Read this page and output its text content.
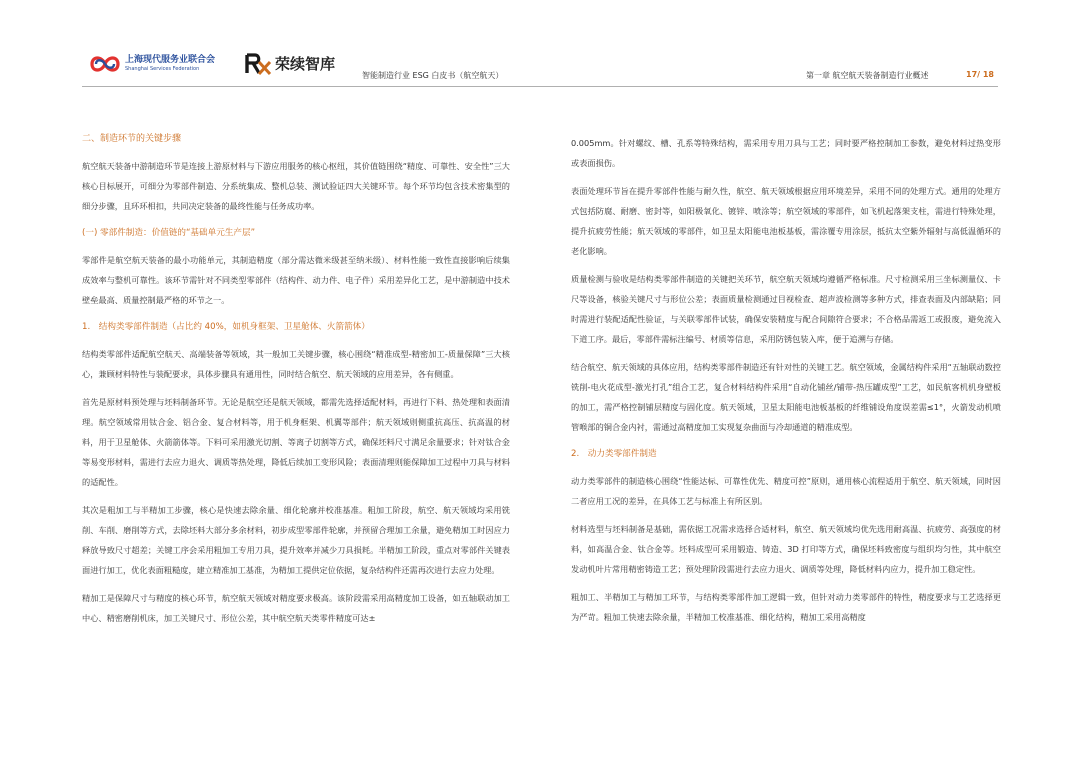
上海现代服务业联合会
Shanghai Services Federation	荣续智库
智能制造行业 ESG 白皮书（航空航天）	第一章 航空航天装备制造行业概述	17/ 18
二、制造环节的关键步骤

航空航天装备中游制造环节是连接上游原材料与下游应用服务的核心枢纽，其价值链围绕“精度、可靠性、安全性”三大核心目标展开，可细分为零部件制造、分系统集成、整机总装、测试验证四大关键环节。每个环节均包含技术密集型的细分步骤，且环环相扣，共同决定装备的最终性能与任务成功率。

(一) 零部件制造：价值链的“基础单元生产层”

零部件是航空航天装备的最小功能单元，其制造精度（部分需达微米级甚至纳米级）、材料性能一致性直接影响后续集成效率与整机可靠性。该环节需针对不同类型零部件（结构件、动力件、电子件）采用差异化工艺，是中游制造中技术壁垒最高、质量控制最严格的环节之一。

1.　结构类零部件制造（占比约 40%，如机身框架、卫星舱体、火箭箭体）

结构类零部件适配航空航天、高端装备等领域，其一般加工关键步骤，核心围绕“精准成型-精密加工-质量保障”三大核心，兼顾材料特性与装配要求，具体步骤具有通用性，同时结合航空、航天领域的应用差异，各有侧重。

首先是原材料预处理与坯料制备环节。无论是航空还是航天领域，都需先选择适配材料，再进行下料、热处理和表面清理。航空领域常用钛合金、铝合金、复合材料等，用于机身框架、机翼等部件；航天领域则侧重抗高压、抗高温的材料，用于卫星舱体、火箭箭体等。下料可采用激光切割、等离子切割等方式，确保坯料尺寸满足余量要求；针对钛合金等易变形材料，需进行去应力退火、调质等热处理，降低后续加工变形风险；表面清理则能保障加工过程中刀具与材料的适配性。

其次是粗加工与半精加工步骤，核心是快速去除余量、细化轮廓并校准基准。粗加工阶段，航空、航天领域均采用铣削、车削、磨削等方式，去除坯料大部分多余材料，初步成型零部件轮廓，并预留合理加工余量，避免精加工时因应力释放导致尺寸超差；关键工序会采用粗加工专用刀具，提升效率并减少刀具损耗。半精加工阶段，重点对零部件关键表面进行加工，优化表面粗糙度，建立精准加工基准，为精加工提供定位依据，复杂结构件还需再次进行去应力处理。

精加工是保障尺寸与精度的核心环节，航空航天领域对精度要求极高。该阶段需采用高精度加工设备，如五轴联动加工中心、精密磨削机床，加工关键尺寸、形位公差，其中航空航天类零件精度可达±

0.005mm。针对螺纹、槽、孔系等特殊结构，需采用专用刀具与工艺；同时要严格控制加工参数，避免材料过热变形或表面损伤。

表面处理环节旨在提升零部件性能与耐久性，航空、航天领域根据应用环境差异，采用不同的处理方式。通用的处理方式包括防腐、耐磨、密封等，如阳极氧化、镀锌、喷涂等；航空领域的零部件，如飞机起落架支柱，需进行特殊处理，提升抗疲劳性能；航天领域的零部件，如卫星太阳能电池板基板，需涂覆专用涂层，抵抗太空紫外辐射与高低温循环的老化影响。

质量检测与验收是结构类零部件制造的关键把关环节，航空航天领域均遵循严格标准。尺寸检测采用三坐标测量仪、卡尺等设备，核验关键尺寸与形位公差；表面质量检测通过目视检查、超声波检测等多种方式，排查表面及内部缺陷；同时需进行装配适配性验证，与关联零部件试装，确保安装精度与配合间隙符合要求；不合格品需返工或报废，避免流入下道工序。最后，零部件需标注编号、材质等信息，采用防锈包装入库，便于追溯与存储。

结合航空、航天领域的具体应用，结构类零部件制造还有针对性的关键工艺。航空领域，金属结构件采用“五轴联动数控铣削-电火花成型-激光打孔”组合工艺，复合材料结构件采用“自动化铺丝/铺带-热压罐成型”工艺，如民航客机机身壁板的加工，需严格控制铺层精度与固化度。航天领域，卫星太阳能电池板基板的纤维铺设角度误差需≤1°，火箭发动机喷管喉部的铜合金内衬，需通过高精度加工实现复杂曲面与冷却通道的精准成型。

2.　动力类零部件制造

动力类零部件的制造核心围绕“性能达标、可靠性优先、精度可控”原则，通用核心流程适用于航空、航天领域，同时因二者应用工况的差异，在具体工艺与标准上有所区别。

材料选型与坯料制备是基础，需依据工况需求选择合适材料，航空、航天领域均优先选用耐高温、抗疲劳、高强度的材料，如高温合金、钛合金等。坯料成型可采用锻造、铸造、3D 打印等方式，确保坯料致密度与组织均匀性，其中航空发动机叶片常用精密铸造工艺；预处理阶段需进行去应力退火、调质等处理，降低材料内应力，提升加工稳定性。

粗加工、半精加工与精加工环节，与结构类零部件加工逻辑一致，但针对动力类零部件的特性，精度要求与工艺选择更为严苛。粗加工快速去除余量，半精加工校准基准、细化结构，精加工采用高精度
